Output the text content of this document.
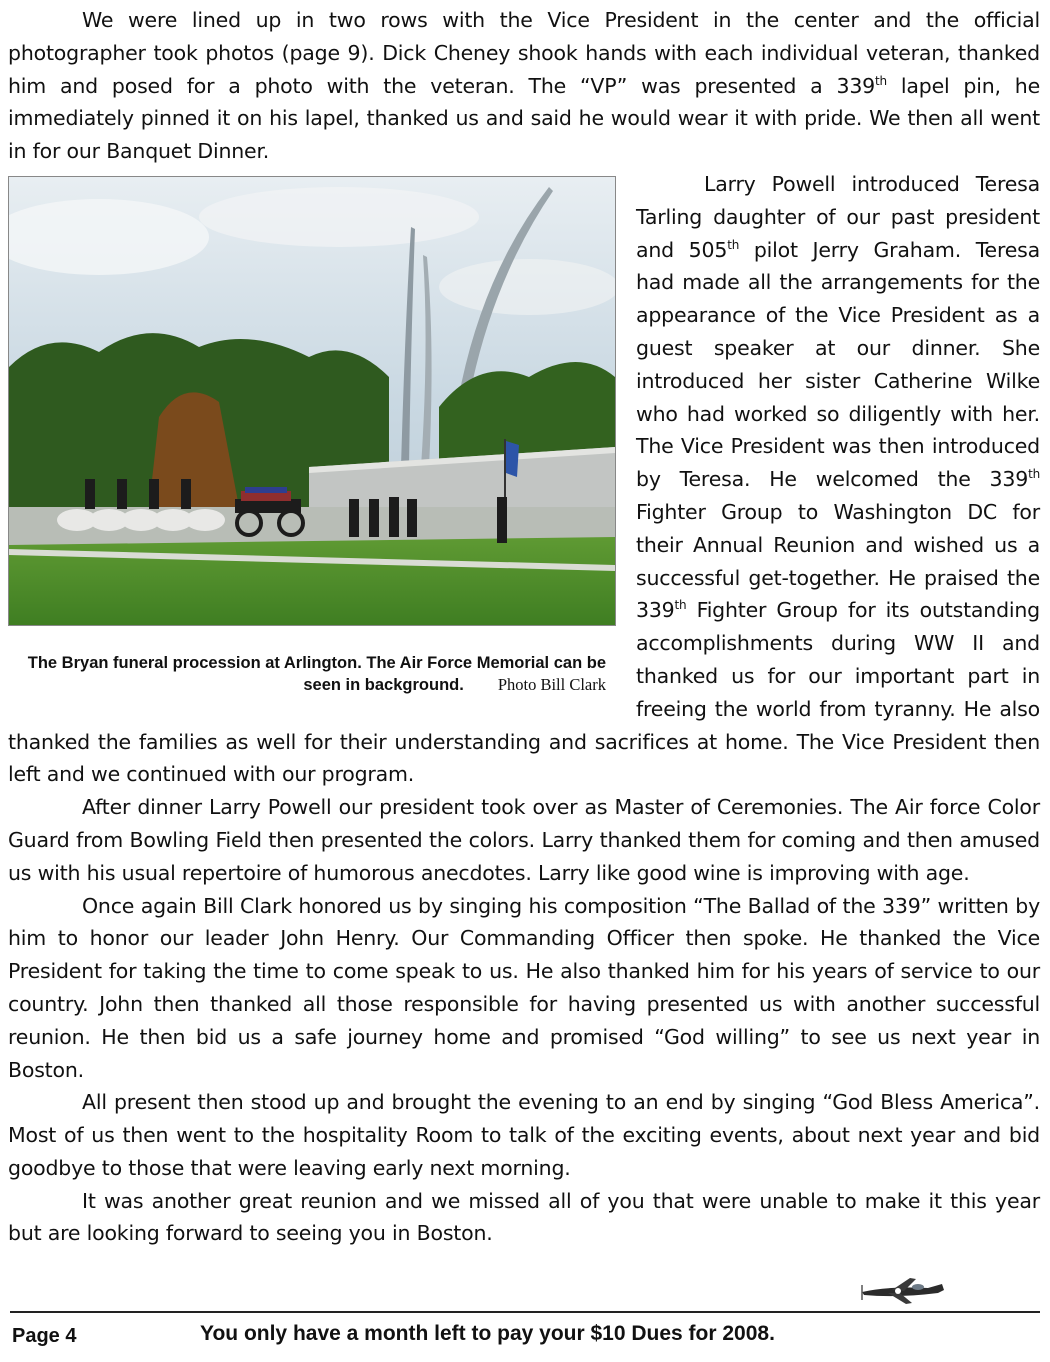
We were lined up in two rows with the Vice President in the center and the official photographer took photos (page 9). Dick Cheney shook hands with each individual veteran, thanked him and posed for a photo with the veteran. The “VP” was presented a 339th lapel pin, he immediately pinned it on his lapel, thanked us and said he would wear it with pride. We then all went in for our Banquet Dinner.

The Bryan funeral procession at Arlington. The Air Force Memorial can be seen in background. Photo Bill Clark

Larry Powell introduced Teresa Tarling daughter of our past president and 505th pilot Jerry Graham. Teresa had made all the arrangements for the appearance of the Vice President as a guest speaker at our dinner. She introduced her sister Catherine Wilke who had worked so diligently with her. The Vice President was then introduced by Teresa. He welcomed the 339th Fighter Group to Washington DC for their Annual Reunion and wished us a successful get-together. He praised the 339th Fighter Group for its outstanding accomplishments during WW II and thanked us for our important part in freeing the world from tyranny. He also thanked the families as well for their understanding and sacrifices at home. The Vice President then left and we continued with our program.

After dinner Larry Powell our president took over as Master of Ceremonies. The Air force Color Guard from Bowling Field then presented the colors. Larry thanked them for coming and then amused us with his usual repertoire of humorous anecdotes. Larry like good wine is improving with age.

Once again Bill Clark honored us by singing his composition “The Ballad of the 339” written by him to honor our leader John Henry. Our Commanding Officer then spoke. He thanked the Vice President for taking the time to come speak to us. He also thanked him for his years of service to our country. John then thanked all those responsible for having presented us with another successful reunion. He then bid us a safe journey home and promised “God willing” to see us next year in Boston.

All present then stood up and brought the evening to an end by singing “God Bless America”. Most of us then went to the hospitality Room to talk of the exciting events, about next year and bid goodbye to those that were leaving early next morning.

It was another great reunion and we missed all of you that were unable to make it this year but are looking forward to seeing you in Boston.

Page 4	You only have a month left to pay your $10 Dues for 2008.
